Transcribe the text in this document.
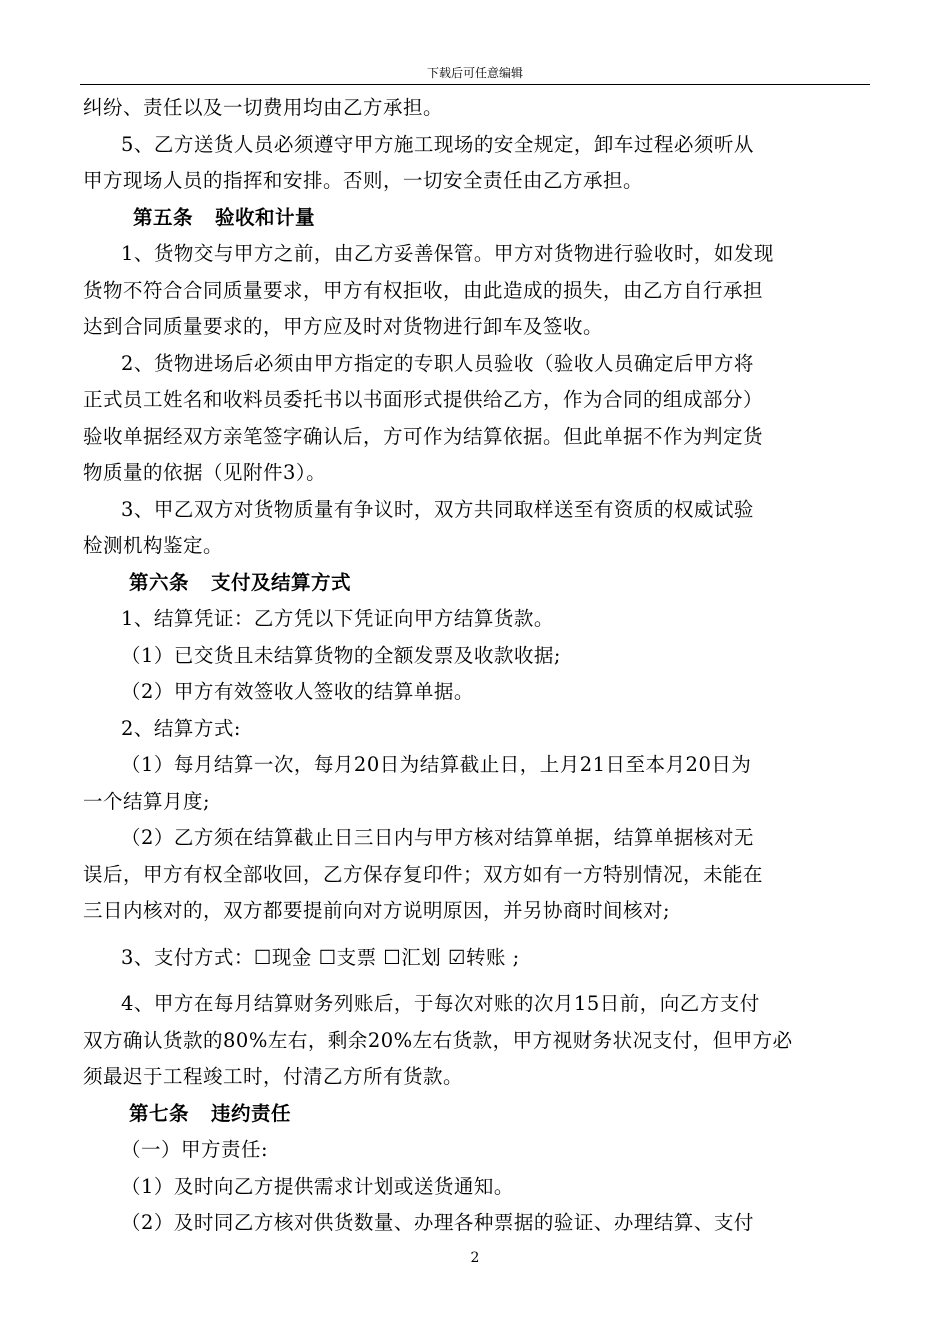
下载后可任意编辑
纠纷、责任以及一切费用均由乙方承担。
5、乙方送货人员必须遵守甲方施工现场的安全规定，卸车过程必须听从
甲方现场人员的指挥和安排。否则，一切安全责任由乙方承担。
第五条 验收和计量
1、货物交与甲方之前，由乙方妥善保管。甲方对货物进行验收时，如发现
货物不符合合同质量要求，甲方有权拒收，由此造成的损失，由乙方自行承担
达到合同质量要求的，甲方应及时对货物进行卸车及签收。
2、货物进场后必须由甲方指定的专职人员验收（验收人员确定后甲方将
正式员工姓名和收料员委托书以书面形式提供给乙方，作为合同的组成部分）
验收单据经双方亲笔签字确认后，方可作为结算依据。但此单据不作为判定货
物质量的依据（见附件3）。
3、甲乙双方对货物质量有争议时，双方共同取样送至有资质的权威试验
检测机构鉴定。
第六条 支付及结算方式
1、结算凭证：乙方凭以下凭证向甲方结算货款。
（1）已交货且未结算货物的全额发票及收款收据;
（2）甲方有效签收人签收的结算单据。
2、结算方式:
（1）每月结算一次，每月20日为结算截止日，上月21日至本月20日为
一个结算月度;
（2）乙方须在结算截止日三日内与甲方核对结算单据，结算单据核对无
误后，甲方有权全部收回，乙方保存复印件；双方如有一方特别情况，未能在
三日内核对的，双方都要提前向对方说明原因，并另协商时间核对;
3、支付方式：☐现金 ☐支票 ☐汇划 ☑转账 ;
4、甲方在每月结算财务列账后，于每次对账的次月15日前，向乙方支付
双方确认货款的80%左右，剩余20%左右货款，甲方视财务状况支付，但甲方必
须最迟于工程竣工时，付清乙方所有货款。
第七条 违约责任
（一）甲方责任:
（1）及时向乙方提供需求计划或送货通知。
（2）及时同乙方核对供货数量、办理各种票据的验证、办理结算、支付
2
